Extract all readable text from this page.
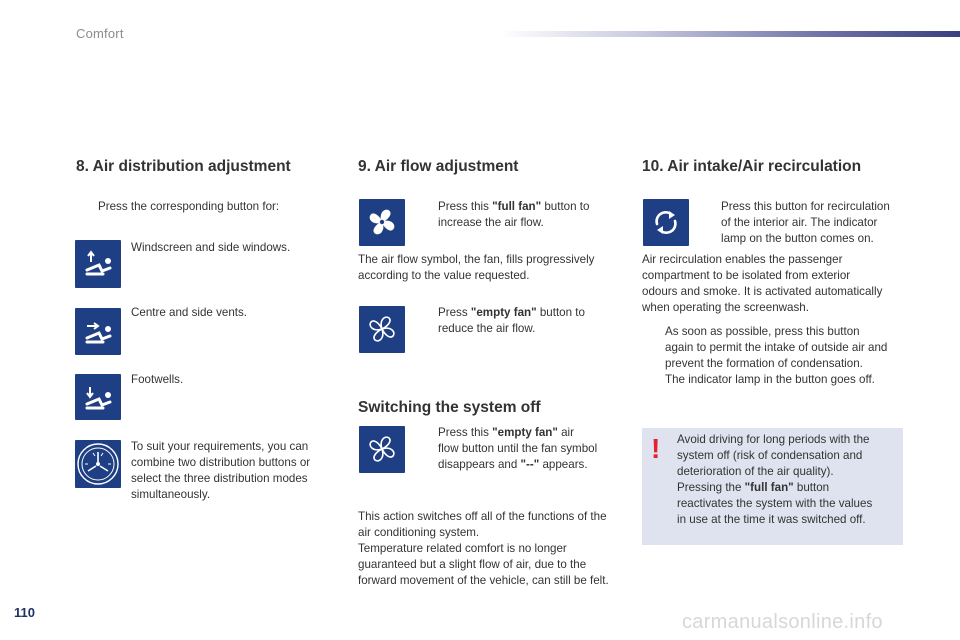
Comfort
8. Air distribution adjustment
Press the corresponding button for:
Windscreen and side windows.
Centre and side vents.
Footwells.
To suit your requirements, you can
combine two distribution buttons or
select the three distribution modes
simultaneously.
9. Air flow adjustment
Press this "full fan" button to
increase the air flow.
The air flow symbol, the fan, fills progressively
according to the value requested.
Press "empty fan" button to
reduce the air flow.
Switching the system off
Press this "empty fan" air
flow button until the fan symbol
disappears and "--" appears.
This action switches off all of the functions of the
air conditioning system.
Temperature related comfort is no longer
guaranteed but a slight flow of air, due to the
forward movement of the vehicle, can still be felt.
10. Air intake/Air recirculation
Press this button for recirculation
of the interior air. The indicator
lamp on the button comes on.
Air recirculation enables the passenger
compartment to be isolated from exterior
odours and smoke. It is activated automatically
when operating the screenwash.
As soon as possible, press this button
again to permit the intake of outside air and
prevent the formation of condensation.
The indicator lamp in the button goes off.
! Avoid driving for long periods with the
system off (risk of condensation and
deterioration of the air quality).
Pressing the "full fan" button
reactivates the system with the values
in use at the time it was switched off.
110	carmanualsonline.info
